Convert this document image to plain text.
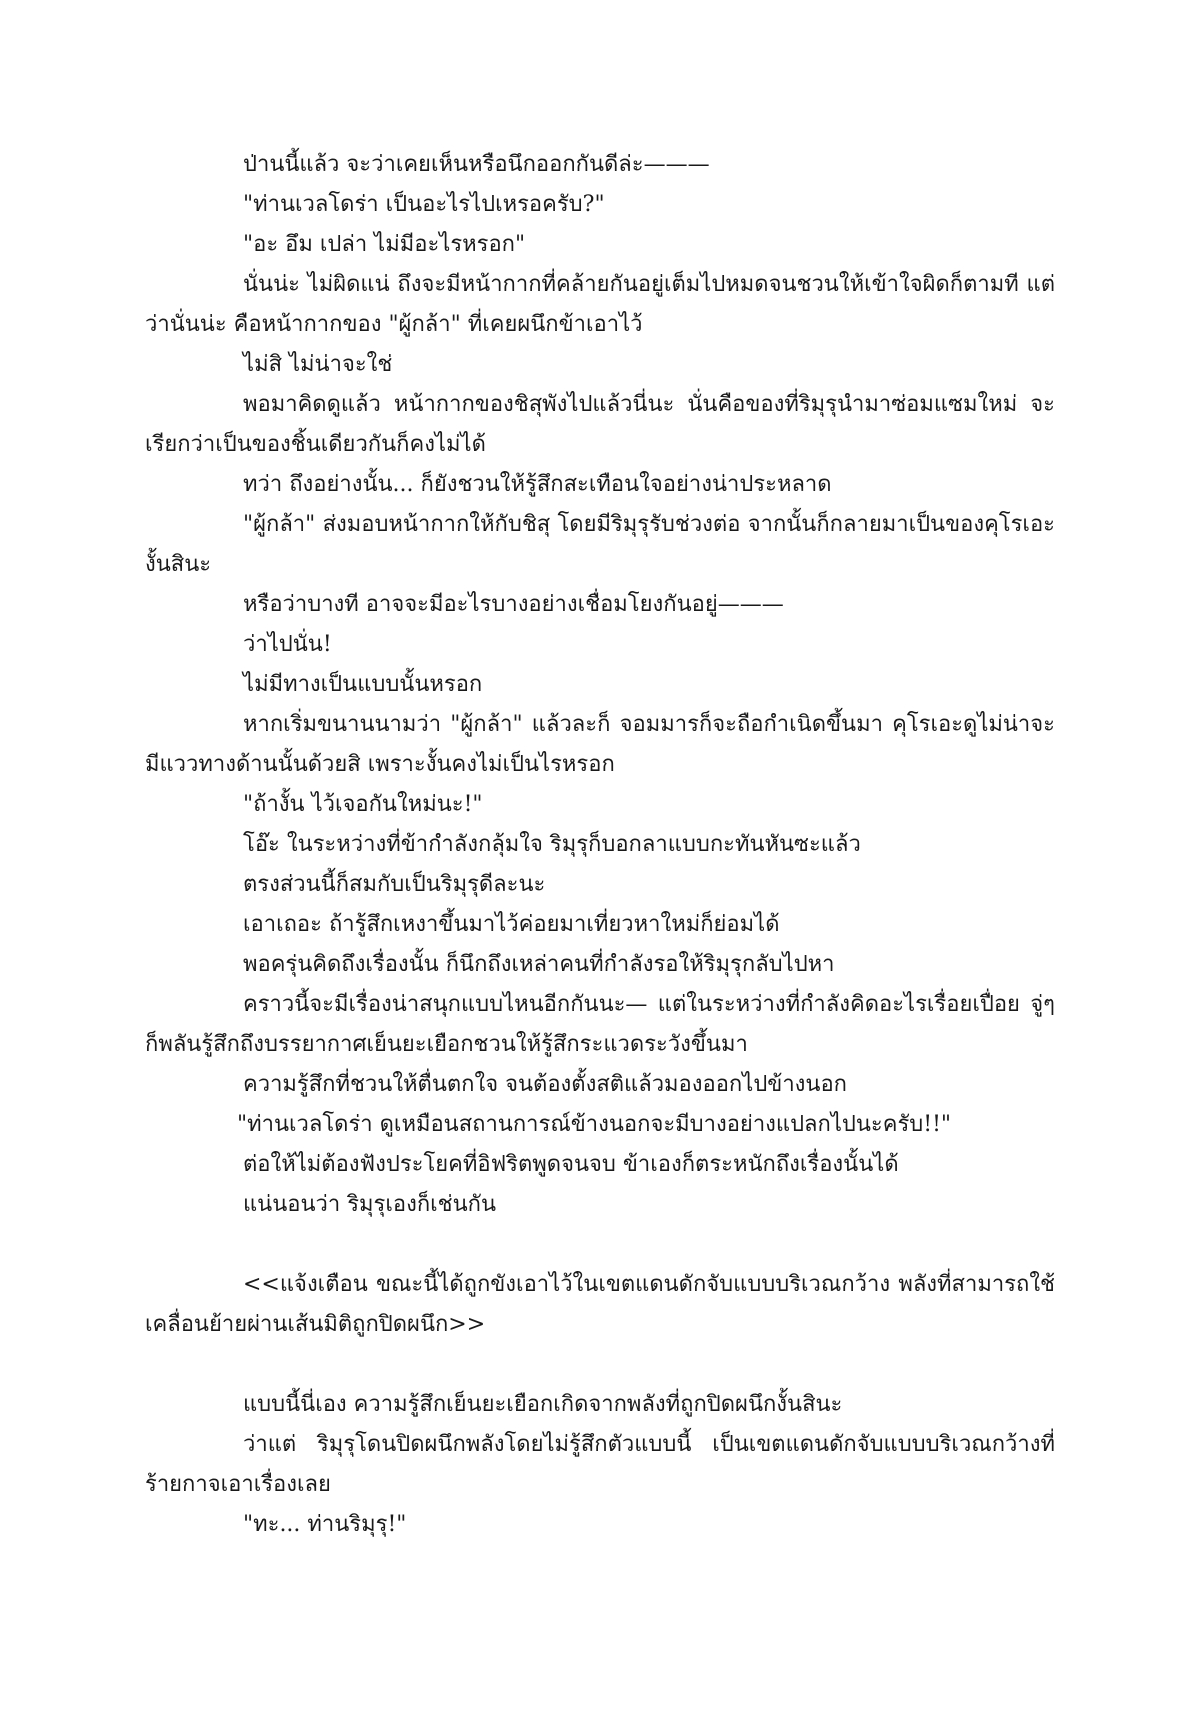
ป่านนี้แล้ว จะว่าเคยเห็นหรือนึกออกกันดีล่ะ———

"ท่านเวลโดร่า เป็นอะไรไปเหรอครับ?"

"อะ อึม เปล่า ไม่มีอะไรหรอก"

นั่นน่ะ ไม่ผิดแน่ ถึงจะมีหน้ากากที่คล้ายกันอยู่เต็มไปหมดจนชวนให้เข้าใจผิดก็ตามที แต่ว่านั่นน่ะ คือหน้ากากของ "ผู้กล้า" ที่เคยผนึกข้าเอาไว้

ไม่สิ ไม่น่าจะใช่

พอมาคิดดูแล้ว หน้ากากของชิสุพังไปแล้วนี่นะ นั่นคือของที่ริมุรุนำมาซ่อมแซมใหม่ จะเรียกว่าเป็นของชิ้นเดียวกันก็คงไม่ได้

ทว่า ถึงอย่างนั้น... ก็ยังชวนให้รู้สึกสะเทือนใจอย่างน่าประหลาด

"ผู้กล้า" ส่งมอบหน้ากากให้กับชิสุ โดยมีริมุรุรับช่วงต่อ จากนั้นก็กลายมาเป็นของคุโรเอะ งั้นสินะ

หรือว่าบางที อาจจะมีอะไรบางอย่างเชื่อมโยงกันอยู่———

ว่าไปนั่น!

ไม่มีทางเป็นแบบนั้นหรอก

หากเริ่มขนานนามว่า "ผู้กล้า" แล้วละก็ จอมมารก็จะถือกำเนิดขึ้นมา คุโรเอะดูไม่น่าจะมีแววทางด้านนั้นด้วยสิ เพราะงั้นคงไม่เป็นไรหรอก

"ถ้างั้น ไว้เจอกันใหม่นะ!"

โอ๊ะ ในระหว่างที่ข้ากำลังกลุ้มใจ ริมุรุก็บอกลาแบบกะทันหันซะแล้ว

ตรงส่วนนี้ก็สมกับเป็นริมุรุดีละนะ

เอาเถอะ ถ้ารู้สึกเหงาขึ้นมาไว้ค่อยมาเที่ยวหาใหม่ก็ย่อมได้

พอครุ่นคิดถึงเรื่องนั้น ก็นึกถึงเหล่าคนที่กำลังรอให้ริมุรุกลับไปหา

คราวนี้จะมีเรื่องน่าสนุกแบบไหนอีกกันนะ— แต่ในระหว่างที่กำลังคิดอะไรเรื่อยเปื่อย จู่ๆ ก็พลันรู้สึกถึงบรรยากาศเย็นยะเยือกชวนให้รู้สึกระแวดระวังขึ้นมา

ความรู้สึกที่ชวนให้ตื่นตกใจ จนต้องตั้งสติแล้วมองออกไปข้างนอก

"ท่านเวลโดร่า ดูเหมือนสถานการณ์ข้างนอกจะมีบางอย่างแปลกไปนะครับ!!"

ต่อให้ไม่ต้องฟังประโยคที่อิฟริตพูดจนจบ ข้าเองก็ตระหนักถึงเรื่องนั้นได้

แน่นอนว่า ริมุรุเองก็เช่นกัน

<<แจ้งเตือน ขณะนี้ได้ถูกขังเอาไว้ในเขตแดนดักจับแบบบริเวณกว้าง พลังที่สามารถใช้เคลื่อนย้ายผ่านเส้นมิติถูกปิดผนึก>>

แบบนี้นี่เอง ความรู้สึกเย็นยะเยือกเกิดจากพลังที่ถูกปิดผนึกงั้นสินะ

ว่าแต่ ริมุรุโดนปิดผนึกพลังโดยไม่รู้สึกตัวแบบนี้ เป็นเขตแดนดักจับแบบบริเวณกว้างที่ร้ายกาจเอาเรื่องเลย

"ทะ... ท่านริมุรุ!"
